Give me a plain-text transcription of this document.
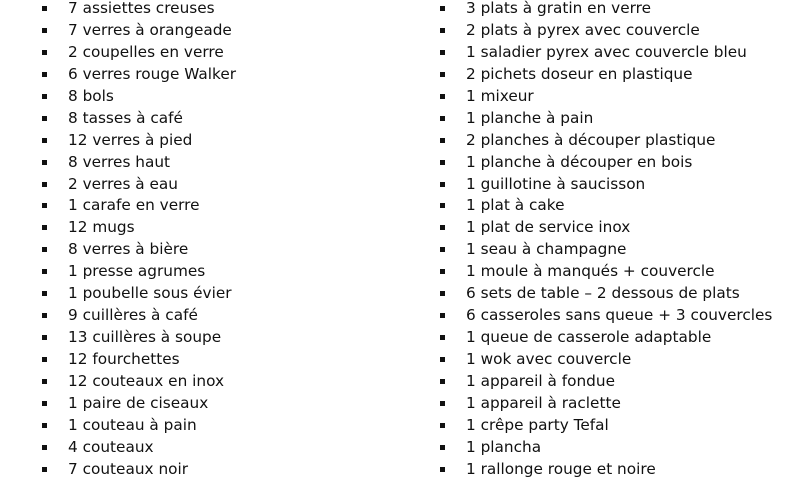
7 assiettes creuses
7 verres à orangeade
2 coupelles en verre
6 verres rouge Walker
8 bols
8 tasses à café
12 verres à pied
8 verres haut
2 verres à eau
1 carafe en verre
12 mugs
8 verres à bière
1 presse agrumes
1 poubelle sous évier
9 cuillères à café
13 cuillères à soupe
12 fourchettes
12 couteaux en inox
1 paire de ciseaux
1 couteau à pain
4 couteaux
7 couteaux noir
3 plats à gratin en verre
2 plats à pyrex avec couvercle
1 saladier pyrex avec couvercle bleu
2 pichets doseur en plastique
1 mixeur
1 planche à pain
2 planches à découper plastique
1 planche à découper en bois
1 guillotine à saucisson
1 plat à cake
1 plat de service inox
1 seau à champagne
1 moule à manqués + couvercle
6 sets de table – 2 dessous de plats
6 casseroles sans queue + 3 couvercles
1 queue de casserole adaptable
1 wok avec couvercle
1 appareil à fondue
1 appareil à raclette
1 crêpe party Tefal
1 plancha
1 rallonge rouge et noire
